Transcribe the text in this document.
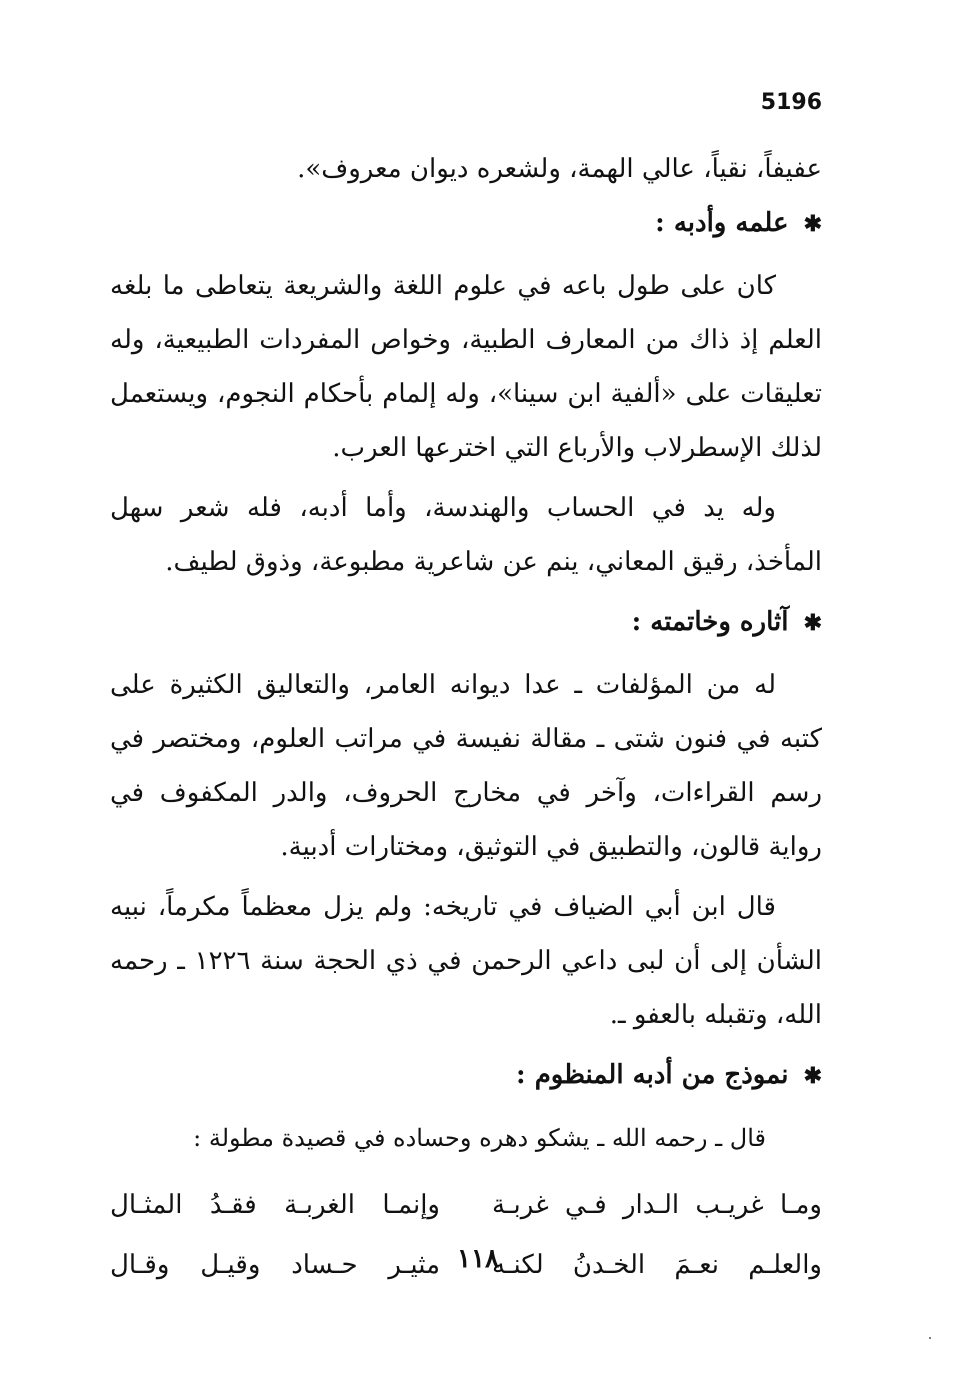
5196

عفيفاً، نقياً، عالي الهمة، ولشعره ديوان معروف».

✱ علمه وأدبه :

كان على طول باعه في علوم اللغة والشريعة يتعاطى ما بلغه العلم إذ ذاك من المعارف الطبية، وخواص المفردات الطبيعية، وله تعليقات على «ألفية ابن سينا»، وله إلمام بأحكام النجوم، ويستعمل لذلك الإسطرلاب والأرباع التي اخترعها العرب.

وله يد في الحساب والهندسة، وأما أدبه، فله شعر سهل المأخذ، رقيق المعاني، ينم عن شاعرية مطبوعة، وذوق لطيف.

✱ آثاره وخاتمته :

له من المؤلفات ـ عدا ديوانه العامر، والتعاليق الكثيرة على كتبه في فنون شتى ـ مقالة نفيسة في مراتب العلوم، ومختصر في رسم القراءات، وآخر في مخارج الحروف، والدر المكفوف في رواية قالون، والتطبيق في التوثيق، ومختارات أدبية.

قال ابن أبي الضياف في تاريخه: ولم يزل معظماً مكرماً، نبيه الشأن إلى أن لبى داعي الرحمن في ذي الحجة سنة ١٢٢٦ ـ رحمه الله، وتقبله بالعفو ـ.

✱ نموذج من أدبه المنظوم :

قال ـ رحمه الله ـ يشكو دهره وحساده في قصيدة مطولة :

ومـا غريـب الـدار فـي غربـة
وإنمـا الغربـة فقـدُ المثـال
والعلـم نعـمَ الخـدنُ لكنـه
مثيـر حـساد وقيـل وقـال ١١٨
